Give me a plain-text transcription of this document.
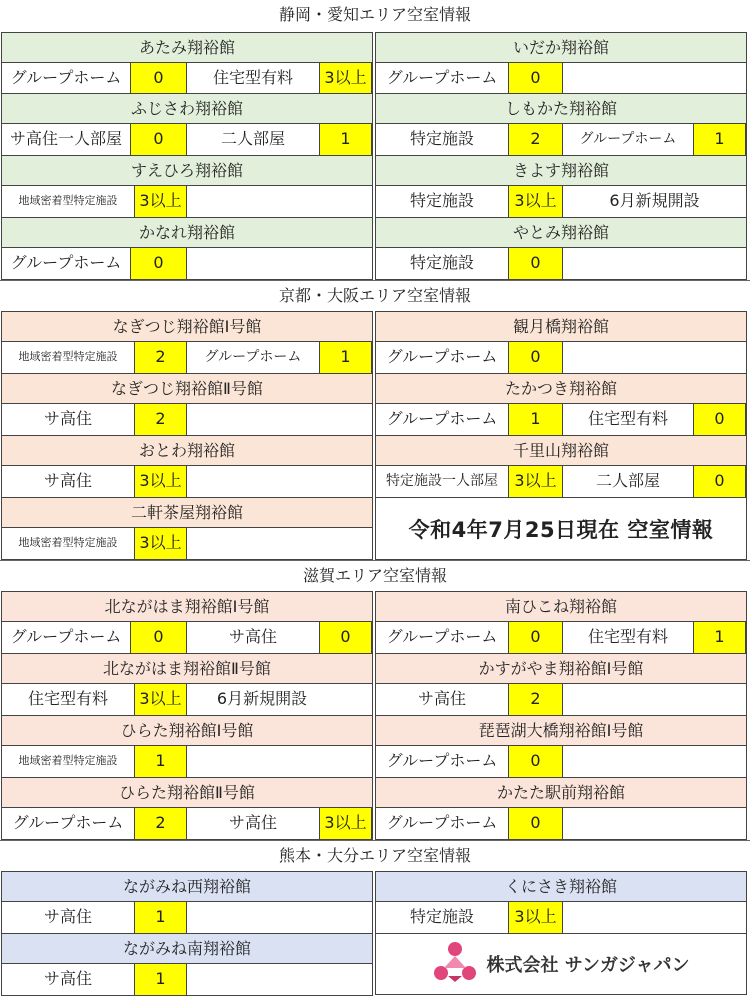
静岡・愛知エリア空室情報
あたみ翔裕館
グループホーム	0	住宅型有料	3以上
いだか翔裕館
グループホーム	0
ふじさわ翔裕館
サ高住一人部屋	0	二人部屋	1
しもかた翔裕館
特定施設	2	グループホーム	1
すえひろ翔裕館
地域密着型特定施設	3以上
きよす翔裕館
特定施設	3以上	6月新規開設
かなれ翔裕館
グループホーム	0
やとみ翔裕館
特定施設	0
京都・大阪エリア空室情報
なぎつじ翔裕館Ⅰ号館
地域密着型特定施設	2	グループホーム	1
観月橋翔裕館
グループホーム	0
なぎつじ翔裕館Ⅱ号館
サ高住	2
たかつき翔裕館
グループホーム	1	住宅型有料	0
おとわ翔裕館
サ高住	3以上
千里山翔裕館
特定施設一人部屋	3以上	二人部屋	0
二軒茶屋翔裕館
地域密着型特定施設	3以上
令和4年7月25日現在 空室情報
滋賀エリア空室情報
北ながはま翔裕館Ⅰ号館
グループホーム	0	サ高住	0
南ひこね翔裕館
グループホーム	0	住宅型有料	1
北ながはま翔裕館Ⅱ号館
住宅型有料	3以上	6月新規開設
かすがやま翔裕館Ⅰ号館
サ高住	2
ひらた翔裕館Ⅰ号館
地域密着型特定施設	1
琵琶湖大橋翔裕館Ⅰ号館
グループホーム	0
ひらた翔裕館Ⅱ号館
グループホーム	2	サ高住	3以上
かたた駅前翔裕館
グループホーム	0
熊本・大分エリア空室情報
ながみね西翔裕館
サ高住	1
くにさき翔裕館
特定施設	3以上
ながみね南翔裕館
サ高住	1
株式会社 サンガジャパン
